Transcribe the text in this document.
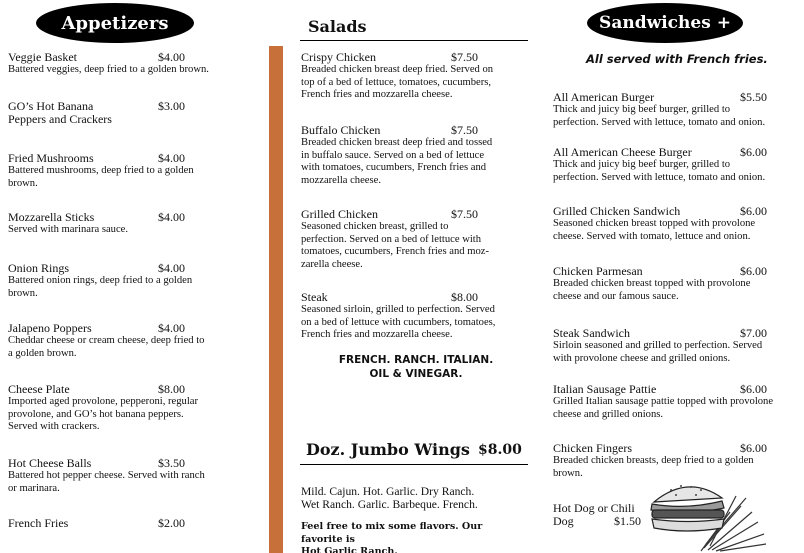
Appetizers
Veggie Basket	$4.00
Battered veggies, deep fried to a golden brown.
GO’s Hot Banana
Peppers and Crackers
$3.00
Fried Mushrooms	$4.00
Battered mushrooms, deep fried to a golden
brown.
Mozzarella Sticks	$4.00
Served with marinara sauce.
Onion Rings	$4.00
Battered onion rings, deep fried to a golden
brown.
Jalapeno Poppers	$4.00
Cheddar cheese or cream cheese, deep fried to
a golden brown.
Cheese Plate	$8.00
Imported aged provolone, pepperoni, regular
provolone, and GO’s hot banana peppers.
Served with crackers.
Hot Cheese Balls	$3.50
Battered hot pepper cheese. Served with ranch
or marinara.
French Fries	$2.00
Salads
FRENCH. RANCH. ITALIAN.
OIL & VINEGAR.
Doz. Jumbo Wings $8.00
Mild. Cajun. Hot. Garlic. Dry Ranch.
Wet Ranch. Garlic. Barbeque. French.
Feel free to mix some flavors. Our favorite is
Hot Garlic Ranch.
Crispy Chicken	$7.50
Breaded chicken breast deep fried. Served on
top of a bed of lettuce, tomatoes, cucumbers,
French fries and mozzarella cheese.
Buffalo Chicken	$7.50
Breaded chicken breast deep fried and tossed
in buffalo sauce. Served on a bed of lettuce
with tomatoes, cucumbers, French fries and
mozzarella cheese.
Grilled Chicken	$7.50
Seasoned chicken breast, grilled to
perfection. Served on a bed of lettuce with
tomatoes, cucumbers, French fries and moz-
zarella cheese.
Steak	$8.00
Seasoned sirloin, grilled to perfection. Served
on a bed of lettuce with cucumbers, tomatoes,
French fries and mozzarella cheese.
Sandwiches +
All served with French fries.
All American Burger	$5.50
Thick and juicy big beef burger, grilled to
perfection. Served with lettuce, tomato and onion.
All American Cheese Burger	$6.00
Thick and juicy big beef burger, grilled to
perfection. Served with lettuce, tomato and onion.
Grilled Chicken Sandwich	$6.00
Seasoned chicken breast topped with provolone
cheese. Served with tomato, lettuce and onion.
Chicken Parmesan	$6.00
Breaded chicken breast topped with provolone
cheese and our famous sauce.
Steak Sandwich	$7.00
Sirloin seasoned and grilled to perfection. Served
with provolone cheese and grilled onions.
Italian Sausage Pattie	$6.00
Grilled Italian sausage pattie topped with provolone
cheese and grilled onions.
Chicken Fingers	$6.00
Breaded chicken breasts, deep fried to a golden
brown.
Hot Dog or Chili
Dog	$1.50
